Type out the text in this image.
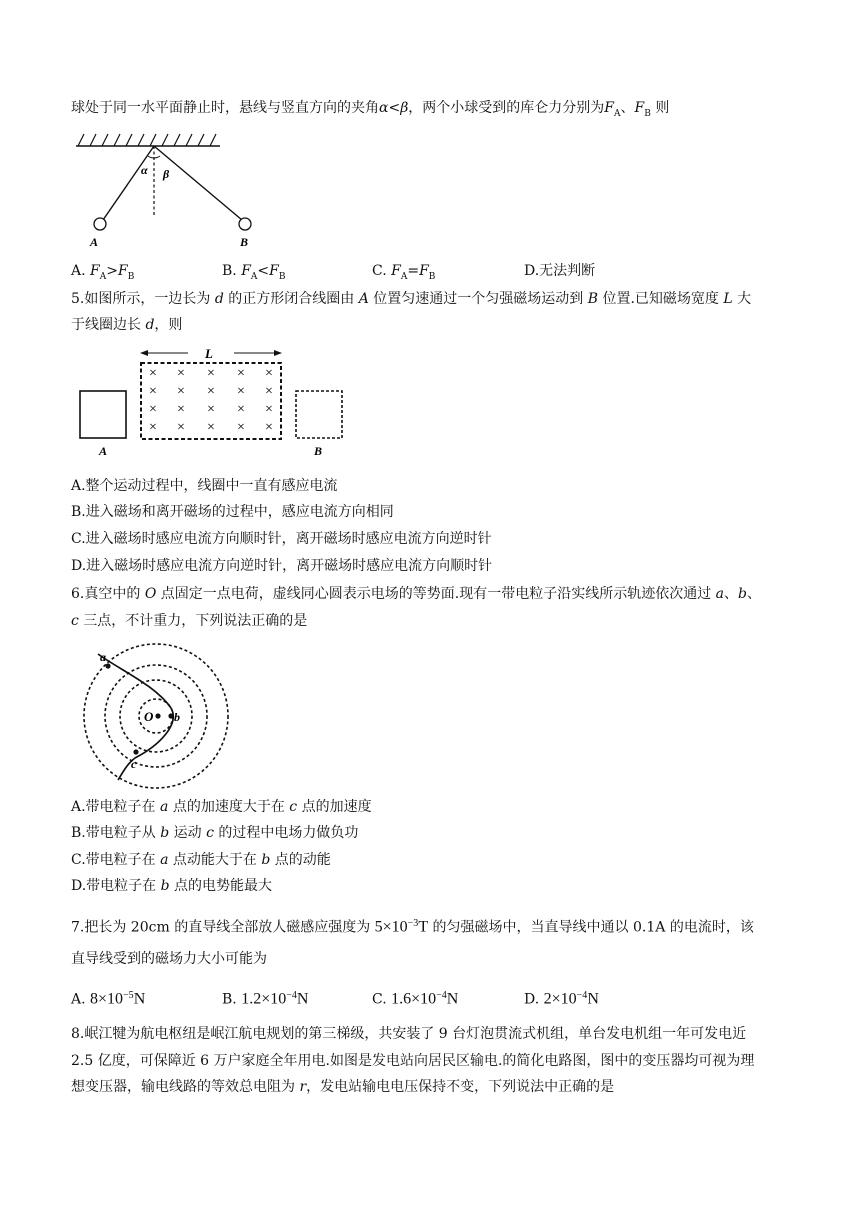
球处于同一水平面静止时，悬线与竖直方向的夹角α<β，两个小球受到的库仑力分别为$F_A$、$F_B$ 则
α β
A	B
A. $F_A>F_B$	B. $F_A<F_B$	C. $F_A=F_B$	D.无法判断
5.如图所示，一边长为 d 的正方形闭合线圈由 A 位置匀速通过一个匀强磁场运动到 B 位置.已知磁场宽度 L 大
于线圈边长 d，则
L
× × × × ×
× × × × ×
× × × × ×
× × × × ×
A	B
A.整个运动过程中，线圈中一直有感应电流
B.进入磁场和离开磁场的过程中，感应电流方向相同
C.进入磁场时感应电流方向顺时针，离开磁场时感应电流方向逆时针
D.进入磁场时感应电流方向逆时针，离开磁场时感应电流方向顺时针
6.真空中的 O 点固定一点电荷，虚线同心圆表示电场的等势面.现有一带电粒子沿实线所示轨迹依次通过 a、b、
c 三点，不计重力，下列说法正确的是
a
b
c
O
A.带电粒子在 a 点的加速度大于在 c 点的加速度
B.带电粒子从 b 运动 c 的过程中电场力做负功
C.带电粒子在 a 点动能大于在 b 点的动能
D.带电粒子在 b 点的电势能最大
7.把长为 20cm 的直导线全部放人磁感应强度为 $5\times 10^{-3}T$ 的匀强磁场中，当直导线中通以 0.1A 的电流时，该
直导线受到的磁场力大小可能为
A. $8\times 10^{-5}N$	B. $1.2\times 10^{-4}N$	C. $1.6\times 10^{-4}N$	D. $2\times 10^{-4}N$
8.岷江犍为航电枢纽是岷江航电规划的第三梯级，共安装了 9 台灯泡贯流式机组，单台发电机组一年可发电近
2.5 亿度，可保障近 6 万户家庭全年用电.如图是发电站向居民区输电.的简化电路图，图中的变压器均可视为理
想变压器，输电线路的等效总电阻为 r，发电站输电电压保持不变，下列说法中正确的是
